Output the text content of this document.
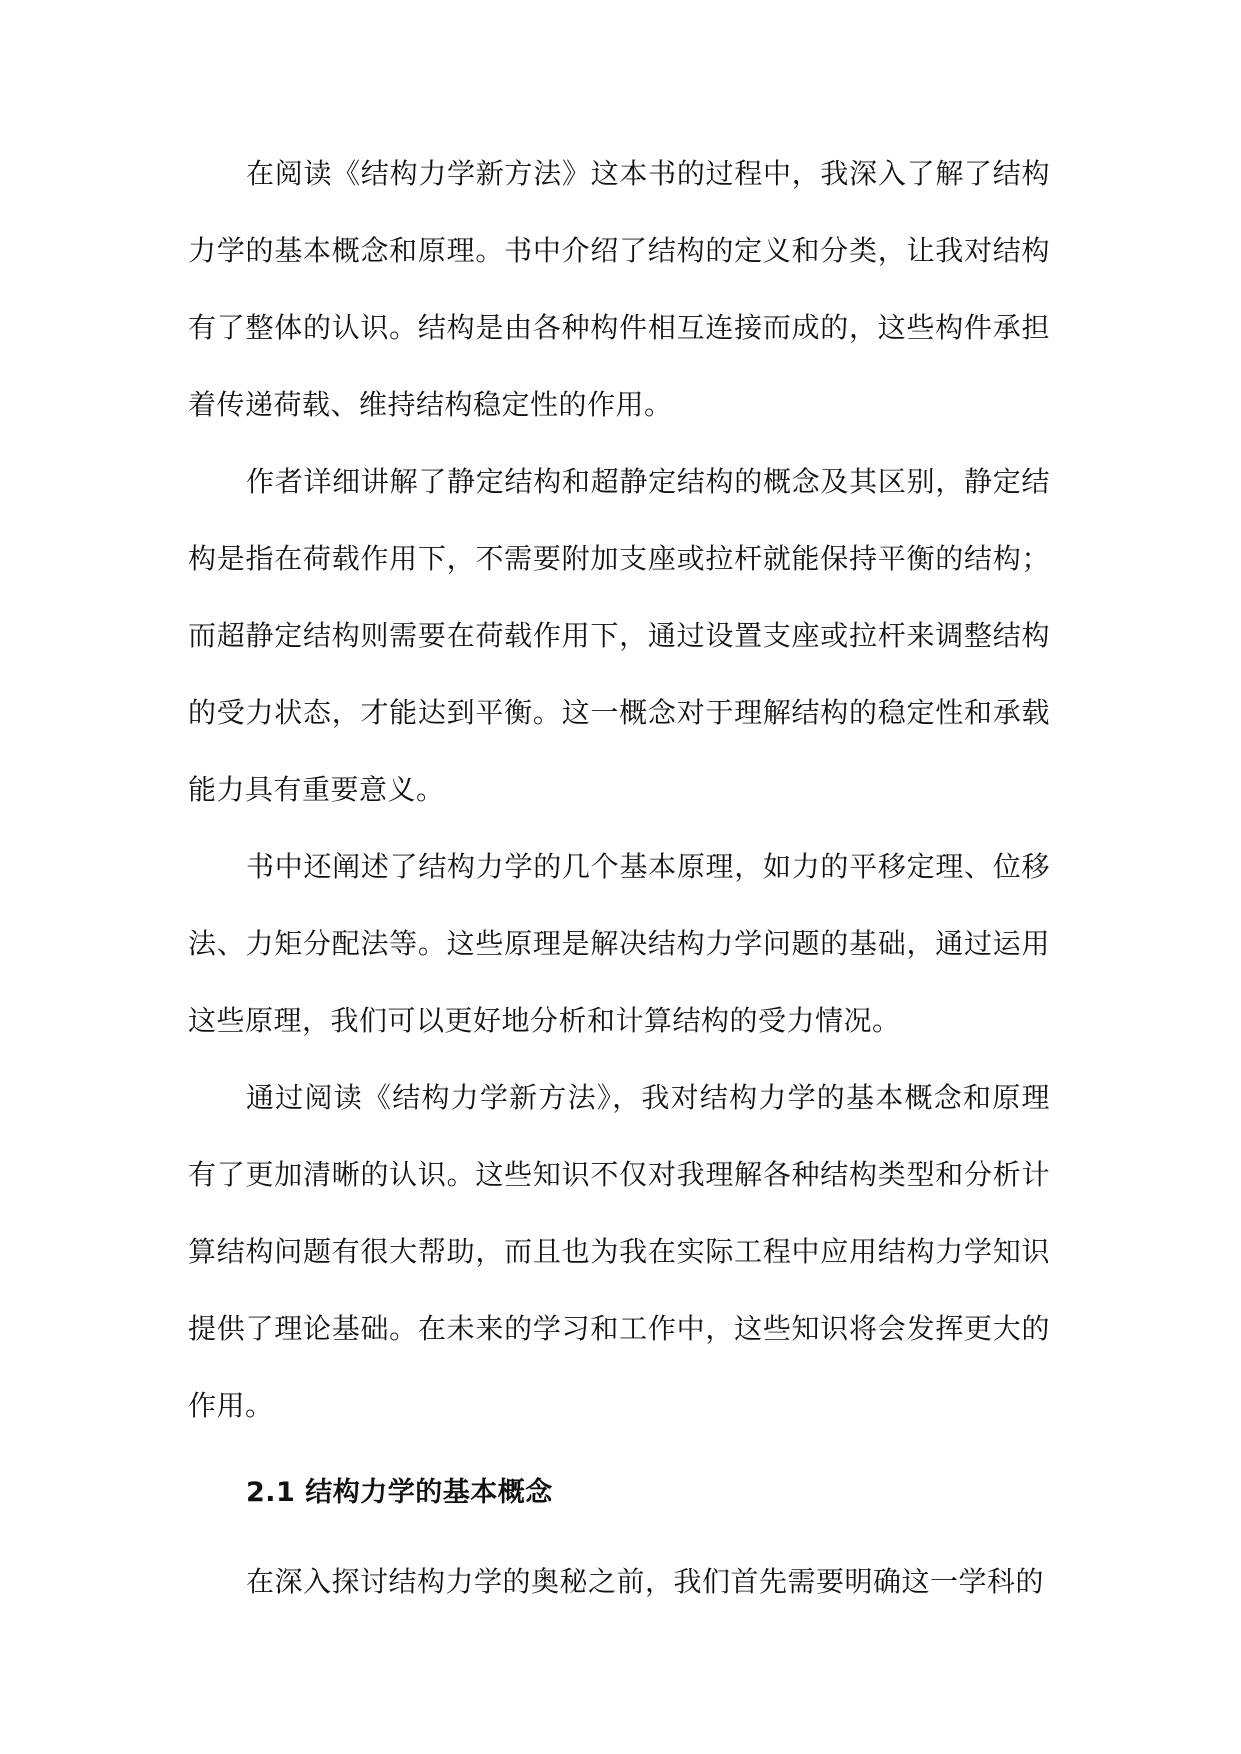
在阅读《结构力学新方法》这本书的过程中，我深入了解了结构力学的基本概念和原理。书中介绍了结构的定义和分类，让我对结构有了整体的认识。结构是由各种构件相互连接而成的，这些构件承担着传递荷载、维持结构稳定性的作用。

作者详细讲解了静定结构和超静定结构的概念及其区别，静定结构是指在荷载作用下，不需要附加支座或拉杆就能保持平衡的结构；而超静定结构则需要在荷载作用下，通过设置支座或拉杆来调整结构的受力状态，才能达到平衡。这一概念对于理解结构的稳定性和承载能力具有重要意义。

书中还阐述了结构力学的几个基本原理，如力的平移定理、位移法、力矩分配法等。这些原理是解决结构力学问题的基础，通过运用这些原理，我们可以更好地分析和计算结构的受力情况。

通过阅读《结构力学新方法》，我对结构力学的基本概念和原理有了更加清晰的认识。这些知识不仅对我理解各种结构类型和分析计算结构问题有很大帮助，而且也为我在实际工程中应用结构力学知识提供了理论基础。在未来的学习和工作中，这些知识将会发挥更大的作用。

2.1 结构力学的基本概念

在深入探讨结构力学的奥秘之前，我们首先需要明确这一学科的
